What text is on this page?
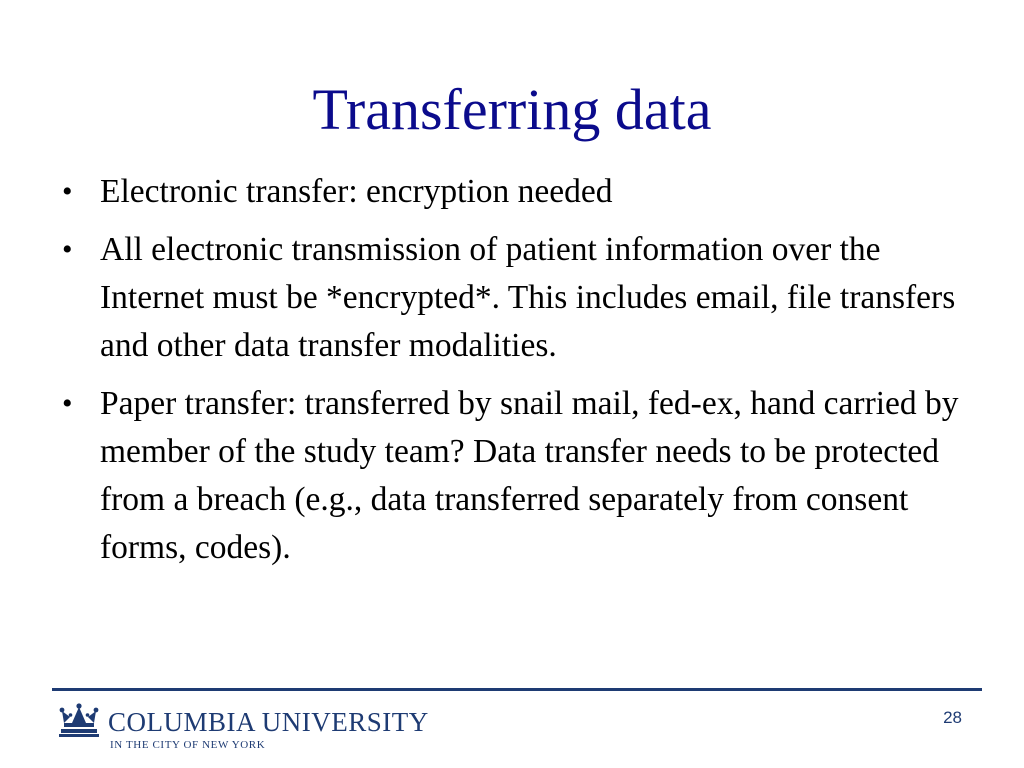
Transferring data
• Electronic transfer: encryption needed
• All electronic transmission of patient information over the Internet must be *encrypted*. This includes email, file transfers and other data transfer modalities.
• Paper transfer: transferred by snail mail, fed-ex, hand carried by member of the study team? Data transfer needs to be protected from a breach (e.g., data transferred separately from consent forms, codes).
COLUMBIA UNIVERSITY
IN THE CITY OF NEW YORK
28
